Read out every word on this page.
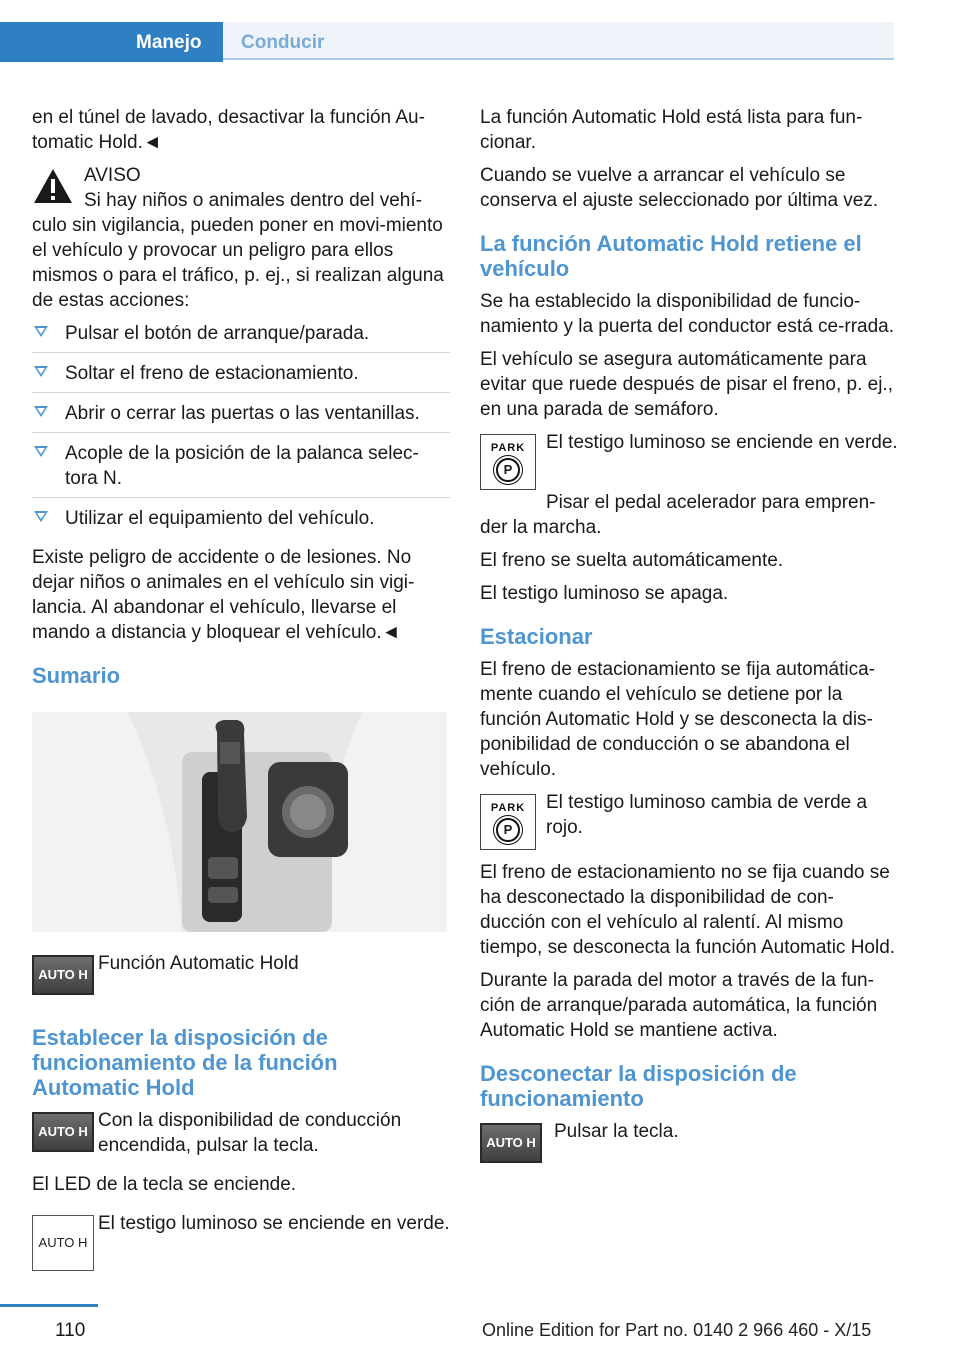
Manejo	Conducir

en el túnel de lavado, desactivar la función Au‐tomatic Hold.◄

AVISO

Si hay niños o animales dentro del vehí‐culo sin vigilancia, pueden poner en movi‐miento el vehículo y provocar un peligro para ellos mismos o para el tráfico, p. ej., si realizan alguna de estas acciones:

Pulsar el botón de arranque/parada.
Soltar el freno de estacionamiento.
Abrir o cerrar las puertas o las ventanillas.
Acople de la posición de la palanca selec‐tora N.
Utilizar el equipamiento del vehículo.

Existe peligro de accidente o de lesiones. No dejar niños o animales en el vehículo sin vigi‐lancia. Al abandonar el vehículo, llevarse el mando a distancia y bloquear el vehículo.◄

Sumario
AUTO H
Función Automatic Hold
Establecer la disposición de funcionamiento de la función Automatic Hold
AUTO H
Con la disponibilidad de conducción encendida, pulsar la tecla.

El LED de la tecla se enciende.

AUTO H
El testigo luminoso se enciende en verde.

La función Automatic Hold está lista para fun‐cionar.

Cuando se vuelve a arrancar el vehículo se conserva el ajuste seleccionado por última vez.

La función Automatic Hold retiene el vehículo

Se ha establecido la disponibilidad de funcio‐namiento y la puerta del conductor está ce‐rrada.

El vehículo se asegura automáticamente para evitar que ruede después de pisar el freno, p. ej., en una parada de semáforo.

PARK
P
El testigo luminoso se enciende en verde.

Pisar el pedal acelerador para empren‐der la marcha.

El freno se suelta automáticamente.

El testigo luminoso se apaga.

Estacionar

El freno de estacionamiento se fija automática‐mente cuando el vehículo se detiene por la función Automatic Hold y se desconecta la dis‐ponibilidad de conducción o se abandona el vehículo.

PARK
P
El testigo luminoso cambia de verde a rojo.

El freno de estacionamiento no se fija cuando se ha desconectado la disponibilidad de con‐ducción con el vehículo al ralentí. Al mismo tiempo, se desconecta la función Automatic Hold.

Durante la parada del motor a través de la fun‐ción de arranque/parada automática, la función Automatic Hold se mantiene activa.

Desconectar la disposición de funcionamiento
AUTO H
Pulsar la tecla.
110	Online Edition for Part no. 0140 2 966 460 - X/15
